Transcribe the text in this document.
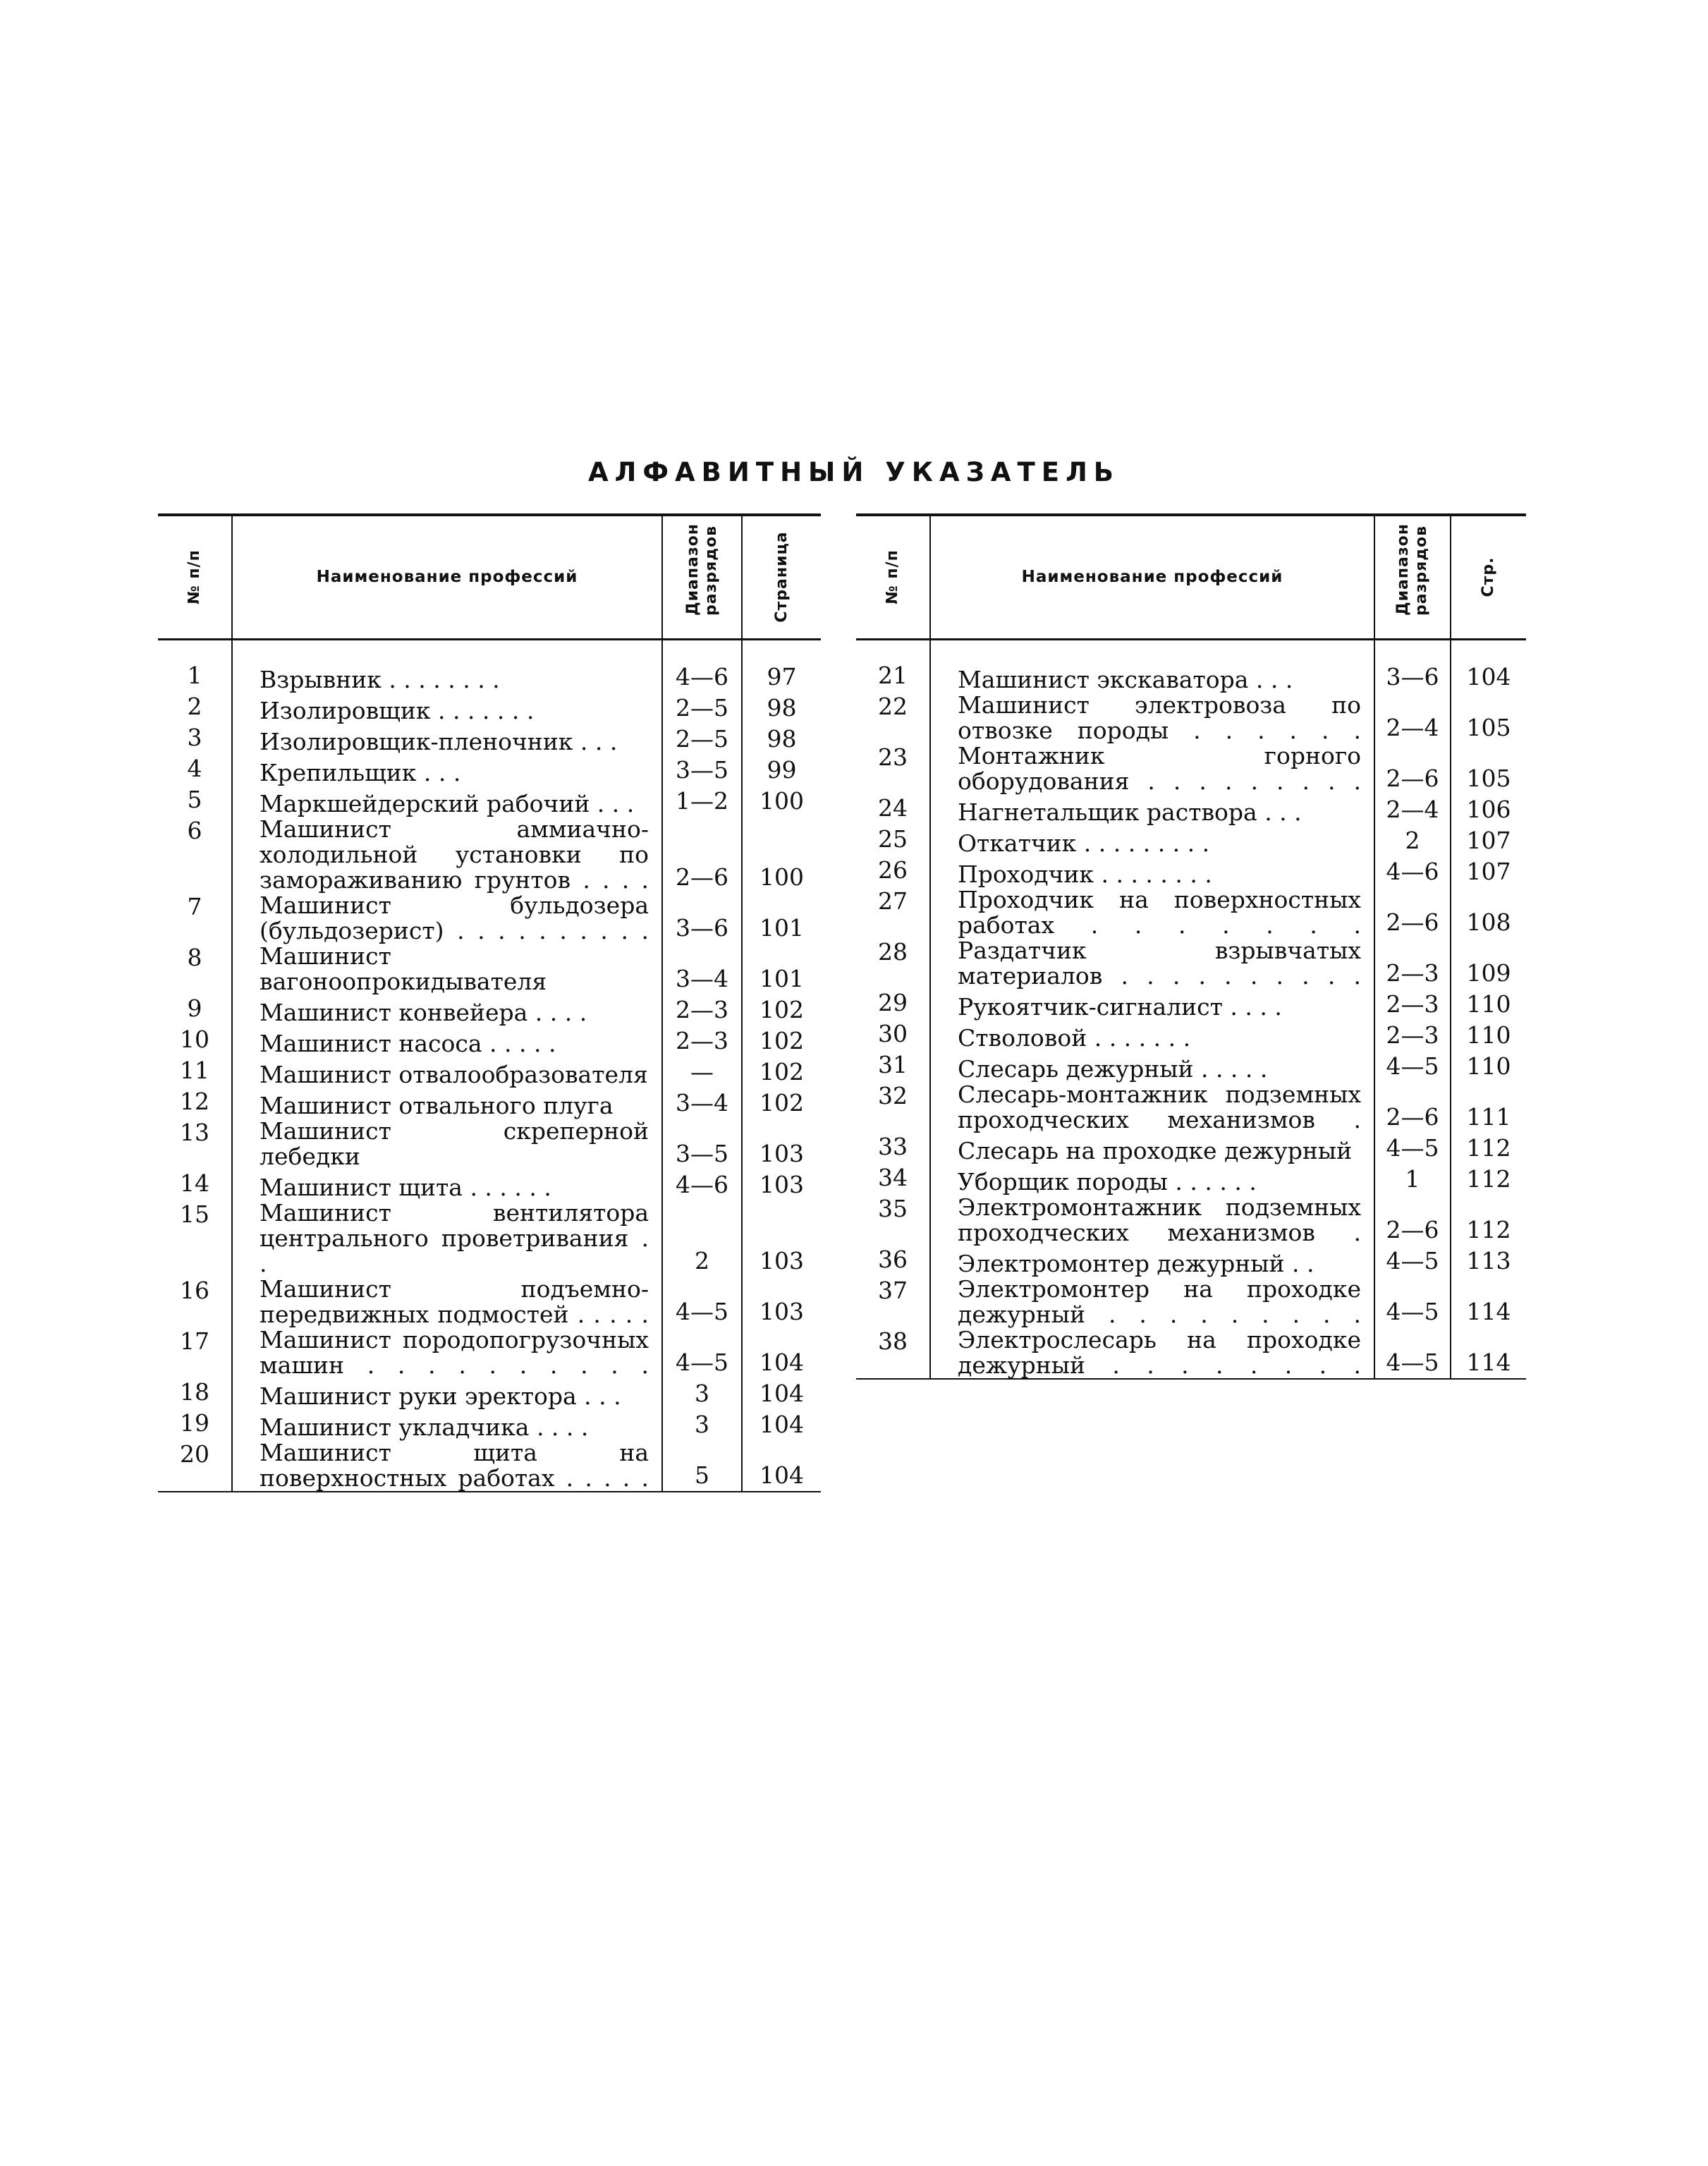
АЛФАВИТНЫЙ УКАЗАТЕЛЬ
№ п/п	Наименование профессий	Диапазон разрядов	Страница

1	Взрывник . . . . . . . .	4—6	97
2	Изолировщик . . . . . . .	2—5	98
3	Изолировщик-пленочник . . .	2—5	98
4	Крепильщик . . .	3—5	99
5	Маркшейдерский рабочий . . .	1—2	100
6	Машинист аммиачно-холодильной установки по замораживанию грунтов . . . .	2—6	100
7	Машинист бульдозера (бульдозерист) . . . . . . . . . .	3—6	101
8	Машинист вагоноопрокидывателя	3—4	101
9	Машинист конвейера . . . .	2—3	102
10	Машинист насоса . . . . .	2—3	102
11	Машинист отвалообразователя	—	102
12	Машинист отвального плуга	3—4	102
13	Машинист скреперной лебедки	3—5	103
14	Машинист щита . . . . . .	4—6	103
15	Машинист вентилятора центрального проветривания . .	2	103
16	Машинист подъемно-передвижных подмостей . . . . .	4—5	103
17	Машинист породопогрузочных машин . . . . . . . . . .	4—5	104
18	Машинист руки эректора . . .	3	104
19	Машинист укладчика . . . .	3	104
20	Машинист щита на поверхностных работах . . . . .	5	104
№ п/п	Наименование профессий	Диапазон разрядов	Стр.

21	Машинист экскаватора . . .	3—6	104
22	Машинист электровоза по отвозке породы . . . . . .	2—4	105
23	Монтажник горного оборудования . . . . . . . . .	2—6	105
24	Нагнетальщик раствора . . .	2—4	106
25	Откатчик . . . . . . . . .	2	107
26	Проходчик . . . . . . . .	4—6	107
27	Проходчик на поверхностных работах . . . . . . .	2—6	108
28	Раздатчик взрывчатых материалов . . . . . . . . . .	2—3	109
29	Рукоятчик-сигналист . . . .	2—3	110
30	Стволовой . . . . . . .	2—3	110
31	Слесарь дежурный . . . . .	4—5	110
32	Слесарь-монтажник подземных проходческих механизмов .	2—6	111
33	Слесарь на проходке дежурный	4—5	112
34	Уборщик породы . . . . . .	1	112
35	Электромонтажник подземных проходческих механизмов .	2—6	112
36	Электромонтер дежурный . .	4—5	113
37	Электромонтер на проходке дежурный . . . . . . . . .	4—5	114
38	Электрослесарь на проходке дежурный . . . . . . . .	4—5	114
